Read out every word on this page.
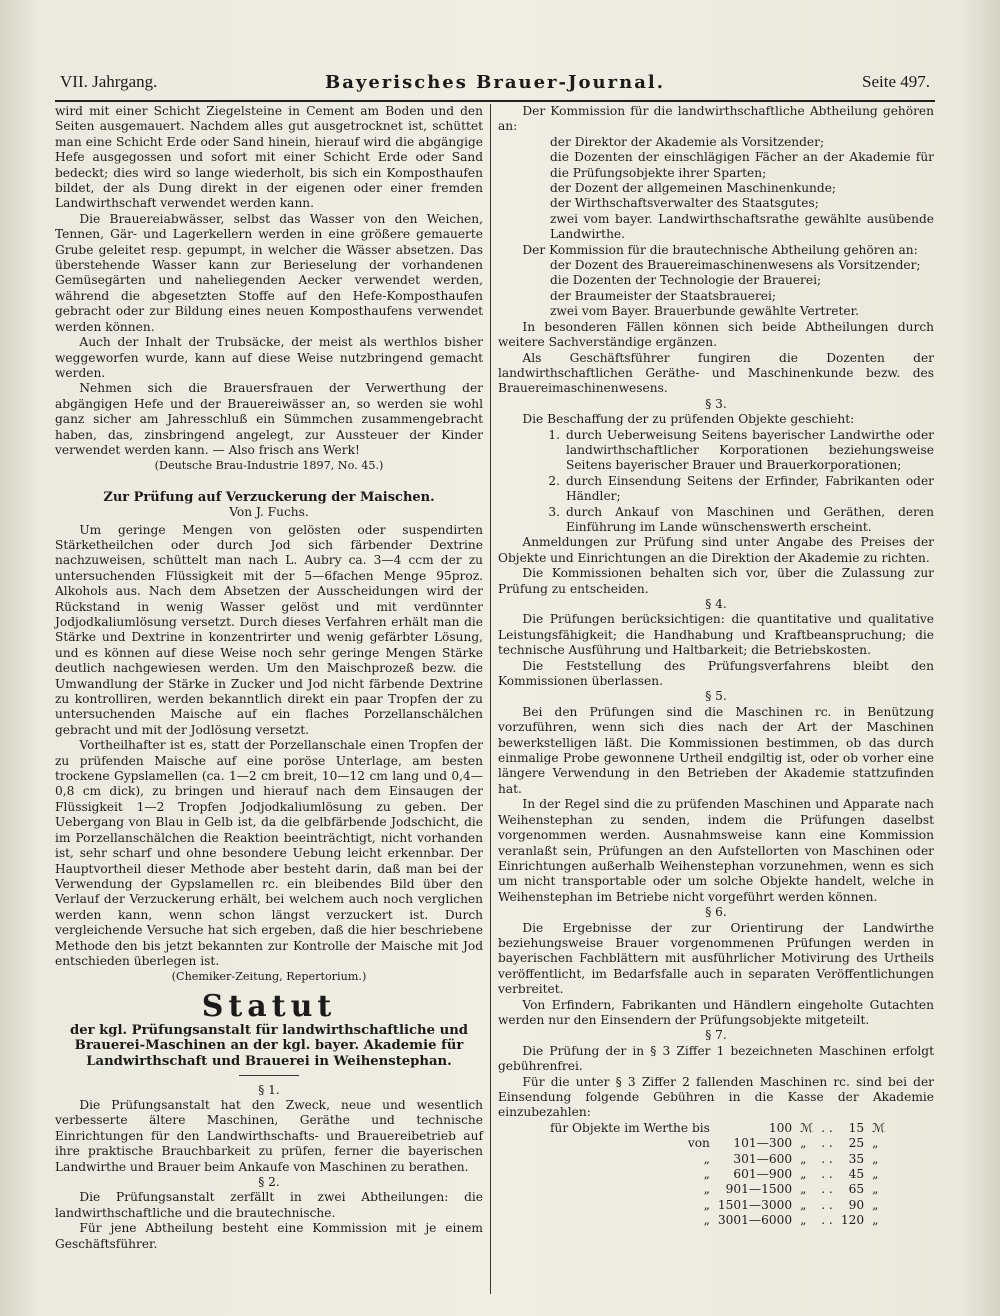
VII. Jahrgang.	Bayerisches Brauer-Journal.	Seite 497.

wird mit einer Schicht Ziegelsteine in Cement am Boden und den Seiten ausgemauert. Nachdem alles gut ausgetrocknet ist, schüttet man eine Schicht Erde oder Sand hinein, hierauf wird die abgängige Hefe ausgegossen und sofort mit einer Schicht Erde oder Sand bedeckt; dies wird so lange wiederholt, bis sich ein Komposthaufen bildet, der als Dung direkt in der eigenen oder einer fremden Landwirthschaft verwendet werden kann.

Die Brauereiabwässer, selbst das Wasser von den Weichen, Tennen, Gär- und Lagerkellern werden in eine größere gemauerte Grube geleitet resp. gepumpt, in welcher die Wässer absetzen. Das überstehende Wasser kann zur Berieselung der vorhandenen Gemüsegärten und naheliegenden Aecker verwendet werden, während die abgesetzten Stoffe auf den Hefe-Komposthaufen gebracht oder zur Bildung eines neuen Komposthaufens verwendet werden können.

Auch der Inhalt der Trubsäcke, der meist als werthlos bisher weggeworfen wurde, kann auf diese Weise nutzbringend gemacht werden.

Nehmen sich die Brauersfrauen der Verwerthung der abgängigen Hefe und der Brauereiwässer an, so werden sie wohl ganz sicher am Jahresschluß ein Sümmchen zusammengebracht haben, das, zinsbringend angelegt, zur Aussteuer der Kinder verwendet werden kann. — Also frisch ans Werk!

(Deutsche Brau-Industrie 1897, No. 45.)

Zur Prüfung auf Verzuckerung der Maischen.

Von J. Fuchs.

Um geringe Mengen von gelösten oder suspendirten Stärketheilchen oder durch Jod sich färbender Dextrine nachzuweisen, schüttelt man nach L. Aubry ca. 3—4 ccm der zu untersuchenden Flüssigkeit mit der 5—6fachen Menge 95proz. Alkohols aus. Nach dem Absetzen der Ausscheidungen wird der Rückstand in wenig Wasser gelöst und mit verdünnter Jodjodkaliumlösung versetzt. Durch dieses Verfahren erhält man die Stärke und Dextrine in konzentrirter und wenig gefärbter Lösung, und es können auf diese Weise noch sehr geringe Mengen Stärke deutlich nachgewiesen werden. Um den Maischprozeß bezw. die Umwandlung der Stärke in Zucker und Jod nicht färbende Dextrine zu kontrolliren, werden bekanntlich direkt ein paar Tropfen der zu untersuchenden Maische auf ein flaches Porzellanschälchen gebracht und mit der Jodlösung versetzt.

Vortheilhafter ist es, statt der Porzellanschale einen Tropfen der zu prüfenden Maische auf eine poröse Unterlage, am besten trockene Gypslamellen (ca. 1—2 cm breit, 10—12 cm lang und 0,4—0,8 cm dick), zu bringen und hierauf nach dem Einsaugen der Flüssigkeit 1—2 Tropfen Jodjodkaliumlösung zu geben. Der Uebergang von Blau in Gelb ist, da die gelbfärbende Jodschicht, die im Porzellanschälchen die Reaktion beeinträchtigt, nicht vorhanden ist, sehr scharf und ohne besondere Uebung leicht erkennbar. Der Hauptvortheil dieser Methode aber besteht darin, daß man bei der Verwendung der Gypslamellen rc. ein bleibendes Bild über den Verlauf der Verzuckerung erhält, bei welchem auch noch verglichen werden kann, wenn schon längst verzuckert ist. Durch vergleichende Versuche hat sich ergeben, daß die hier beschriebene Methode den bis jetzt bekannten zur Kontrolle der Maische mit Jod entschieden überlegen ist.

(Chemiker-Zeitung, Repertorium.)

Statut

der kgl. Prüfungsanstalt für landwirthschaftliche und Brauerei-Maschinen an der kgl. bayer. Akademie für Landwirthschaft und Brauerei in Weihenstephan.

§ 1.

Die Prüfungsanstalt hat den Zweck, neue und wesentlich verbesserte ältere Maschinen, Geräthe und technische Einrichtungen für den Landwirthschafts- und Brauereibetrieb auf ihre praktische Brauchbarkeit zu prüfen, ferner die bayerischen Landwirthe und Brauer beim Ankaufe von Maschinen zu berathen.

§ 2.

Die Prüfungsanstalt zerfällt in zwei Abtheilungen: die landwirthschaftliche und die brautechnische.

Für jene Abtheilung besteht eine Kommission mit je einem Geschäftsführer.

Der Kommission für die landwirthschaftliche Abtheilung gehören an:

der Direktor der Akademie als Vorsitzender;

die Dozenten der einschlägigen Fächer an der Akademie für die Prüfungsobjekte ihrer Sparten;

der Dozent der allgemeinen Maschinenkunde;

der Wirthschaftsverwalter des Staatsgutes;

zwei vom bayer. Landwirthschaftsrathe gewählte ausübende Landwirthe.

Der Kommission für die brautechnische Abtheilung gehören an:

der Dozent des Brauereimaschinenwesens als Vorsitzender;

die Dozenten der Technologie der Brauerei;

der Braumeister der Staatsbrauerei;

zwei vom Bayer. Brauerbunde gewählte Vertreter.

In besonderen Fällen können sich beide Abtheilungen durch weitere Sachverständige ergänzen.

Als Geschäftsführer fungiren die Dozenten der landwirthschaftlichen Geräthe- und Maschinenkunde bezw. des Brauereimaschinenwesens.

§ 3.

Die Beschaffung der zu prüfenden Objekte geschieht:

1. durch Ueberweisung Seitens bayerischer Landwirthe oder landwirthschaftlicher Korporationen beziehungsweise Seitens bayerischer Brauer und Brauerkorporationen;
2. durch Einsendung Seitens der Erfinder, Fabrikanten oder Händler;
3. durch Ankauf von Maschinen und Geräthen, deren Einführung im Lande wünschenswerth erscheint.

Anmeldungen zur Prüfung sind unter Angabe des Preises der Objekte und Einrichtungen an die Direktion der Akademie zu richten.

Die Kommissionen behalten sich vor, über die Zulassung zur Prüfung zu entscheiden.

§ 4.

Die Prüfungen berücksichtigen: die quantitative und qualitative Leistungsfähigkeit; die Handhabung und Kraftbeanspruchung; die technische Ausführung und Haltbarkeit; die Betriebskosten.

Die Feststellung des Prüfungsverfahrens bleibt den Kommissionen überlassen.

§ 5.

Bei den Prüfungen sind die Maschinen rc. in Benützung vorzuführen, wenn sich dies nach der Art der Maschinen bewerkstelligen läßt. Die Kommissionen bestimmen, ob das durch einmalige Probe gewonnene Urtheil endgiltig ist, oder ob vorher eine längere Verwendung in den Betrieben der Akademie stattzufinden hat.

In der Regel sind die zu prüfenden Maschinen und Apparate nach Weihenstephan zu senden, indem die Prüfungen daselbst vorgenommen werden. Ausnahmsweise kann eine Kommission veranlaßt sein, Prüfungen an den Aufstellorten von Maschinen oder Einrichtungen außerhalb Weihenstephan vorzunehmen, wenn es sich um nicht transportable oder um solche Objekte handelt, welche in Weihenstephan im Betriebe nicht vorgeführt werden können.

§ 6.

Die Ergebnisse der zur Orientirung der Landwirthe beziehungsweise Brauer vorgenommenen Prüfungen werden in bayerischen Fachblättern mit ausführlicher Motivirung des Urtheils veröffentlicht, im Bedarfsfalle auch in separaten Veröffentlichungen verbreitet.

Von Erfindern, Fabrikanten und Händlern eingeholte Gutachten werden nur den Einsendern der Prüfungsobjekte mitgeteilt.

§ 7.

Die Prüfung der in § 3 Ziffer 1 bezeichneten Maschinen erfolgt gebührenfrei.

Für die unter § 3 Ziffer 2 fallenden Maschinen rc. sind bei der Einsendung folgende Gebühren in die Kasse der Akademie einzubezahlen:

für Objekte im Werthe bis	100	ℳ	. .	15	ℳ
von	101—300	„	. .	25	„
„	301—600	„	. .	35	„
„	601—900	„	. .	45	„
„	901—1500	„	. .	65	„
„	1501—3000	„	. .	90	„
„	3001—6000	„	. .	120	„
